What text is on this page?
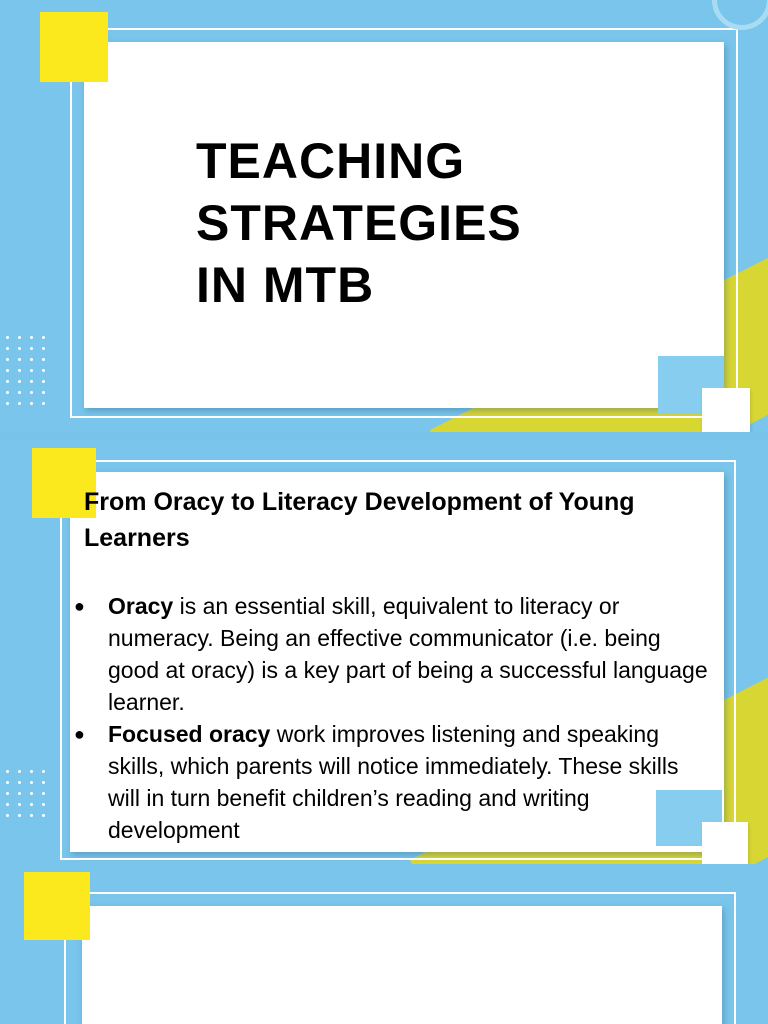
TEACHING
STRATEGIES
IN MTB
From Oracy to Literacy Development of Young Learners
● Oracy is an essential skill, equivalent to literacy or numeracy. Being an effective communicator (i.e. being good at oracy) is a key part of being a successful language learner.
● Focused oracy work improves listening and speaking skills, which parents will notice immediately. These skills will in turn benefit children’s reading and writing development
